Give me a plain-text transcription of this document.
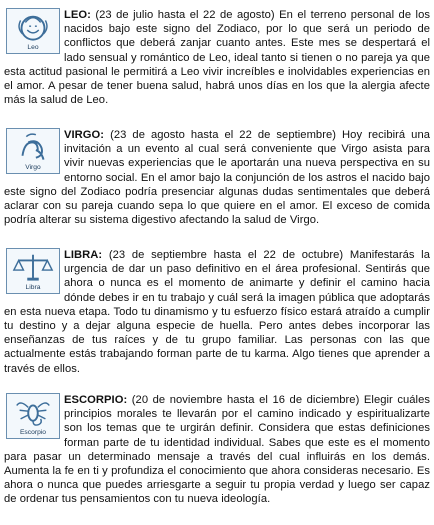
Leo
LEO: (23 de julio hasta el 22 de agosto) En el terreno personal de los nacidos bajo este signo del Zodiaco, por lo que será un periodo de conflictos que deberá zanjar cuanto antes. Este mes se despertará el lado sensual y romántico de Leo, ideal tanto si tienen o no pareja ya que esta actitud pasional le permitirá a Leo vivir increíbles e inolvidables experiencias en el amor. A pesar de tener buena salud, habrá unos días en los que la alergia afecte más la salud de Leo.
Virgo
VIRGO: (23 de agosto hasta el 22 de septiembre) Hoy recibirá una invitación a un evento al cual será conveniente que Virgo asista para vivir nuevas experiencias que le aportarán una nueva perspectiva en su entorno social. En el amor bajo la conjunción de los astros el nacido bajo este signo del Zodiaco podría presenciar algunas dudas sentimentales que deberá aclarar con su pareja cuando sepa lo que quiere en el amor. El exceso de comida podría alterar su sistema digestivo afectando la salud de Virgo.
Libra
LIBRA: (23 de septiembre hasta el 22 de octubre) Manifestarás la urgencia de dar un paso definitivo en el área profesional. Sentirás que ahora o nunca es el momento de animarte y definir el camino hacia dónde debes ir en tu trabajo y cuál será la imagen pública que adoptarás en esta nueva etapa. Todo tu dinamismo y tu esfuerzo físico estará atraído a cumplir tu destino y a dejar alguna especie de huella. Pero antes debes incorporar las enseñanzas de tus raíces y de tu grupo familiar. Las personas con las que actualmente estás trabajando forman parte de tu karma. Algo tienes que aprender a través de ellos.
Escorpio
ESCORPIO: (20 de noviembre hasta el 16 de diciembre) Elegir cuáles principios morales te llevarán por el camino indicado y espiritualizarte son los temas que te urgirán definir. Considera que estas definiciones forman parte de tu identidad individual. Sabes que este es el momento para pasar un determinado mensaje a través del cual influirás en los demás. Aumenta la fe en ti y profundiza el conocimiento que ahora consideras necesario. Es ahora o nunca que puedes arriesgarte a seguir tu propia verdad y luego ser capaz de ordenar tus pensamientos con tu nueva ideología.
